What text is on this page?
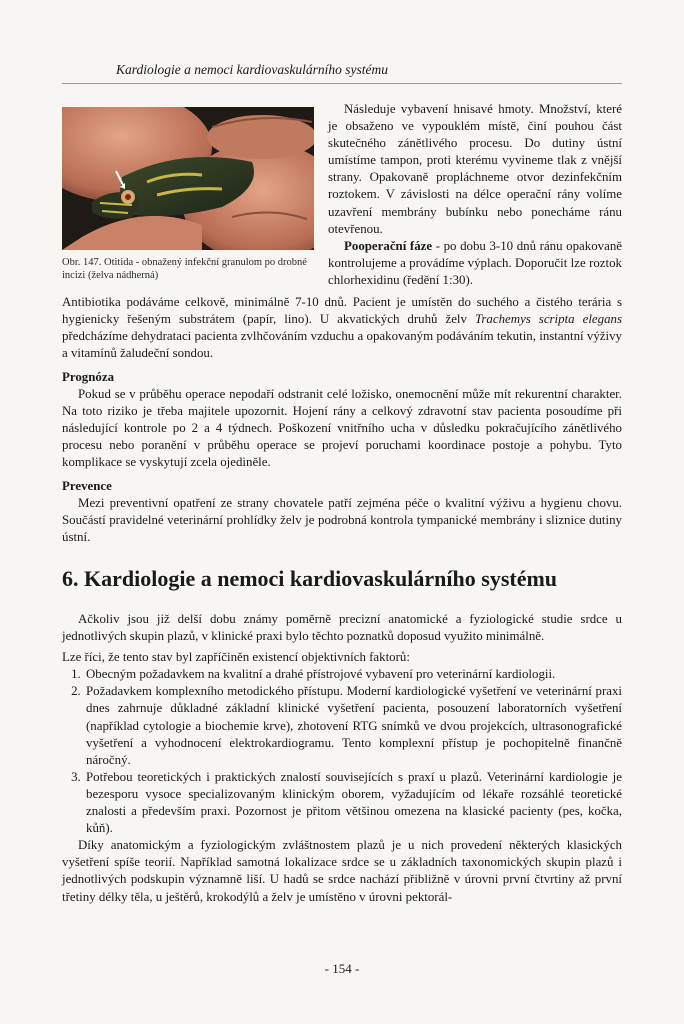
Kardiologie a nemoci kardiovaskulárního systému
Obr. 147. Otitida - obnažený infekční granulom po drobné incizi (želva nádherná)

Následuje vybavení hnisavé hmoty. Množství, které je obsaženo ve vypouklém místě, činí pouhou část skutečného zánětlivého procesu. Do dutiny ústní umístíme tampon, proti kterému vyvineme tlak z vnější strany. Opakovaně propláchneme otvor dezinfekčním roztokem. V závislosti na délce operační rány volíme uzavření membrány bubínku nebo ponecháme ránu otevřenou.

Pooperační fáze - po dobu 3-10 dnů ránu opakovaně kontrolujeme a provádíme výplach. Doporučit lze roztok chlorhexidinu (ředění 1:30).

Antibiotika podáváme celkově, minimálně 7-10 dnů. Pacient je umístěn do suchého a čistého terária s hygienicky řešeným substrátem (papír, lino). U akvatických druhů želv Trachemys scripta elegans předcházíme dehydrataci pacienta zvlhčováním vzduchu a opakovaným podáváním tekutin, instantní výživy a vitamínů žaludeční sondou.

Prognóza

Pokud se v průběhu operace nepodaří odstranit celé ložisko, onemocnění může mít rekurentní charakter. Na toto riziko je třeba majitele upozornit. Hojení rány a celkový zdravotní stav pacienta posoudíme při následující kontrole po 2 a 4 týdnech. Poškození vnitřního ucha v důsledku pokračujícího zánětlivého procesu nebo poranění v průběhu operace se projeví poruchami koordinace postoje a pohybu. Tyto komplikace se vyskytují zcela ojediněle.

Prevence

Mezi preventivní opatření ze strany chovatele patří zejména péče o kvalitní výživu a hygienu chovu. Součástí pravidelné veterinární prohlídky želv je podrobná kontrola tympanické membrány i sliznice dutiny ústní.

6. Kardiologie a nemoci kardiovaskulárního systému

Ačkoliv jsou již delší dobu známy poměrně precizní anatomické a fyziologické studie srdce u jednotlivých skupin plazů, v klinické praxi bylo těchto poznatků doposud využito minimálně.

Lze říci, že tento stav byl zapříčiněn existencí objektivních faktorů:

1. Obecným požadavkem na kvalitní a drahé přístrojové vybavení pro veterinární kardiologii.
2. Požadavkem komplexního metodického přístupu. Moderní kardiologické vyšetření ve veterinární praxi dnes zahrnuje důkladné základní klinické vyšetření pacienta, posouzení laboratorních vyšetření (například cytologie a biochemie krve), zhotovení RTG snímků ve dvou projekcích, ultrasonografické vyšetření a vyhodnocení elektrokardiogramu. Tento komplexní přístup je pochopitelně finančně náročný.
3. Potřebou teoretických i praktických znalostí souvisejících s praxí u plazů. Veterinární kardiologie je bezesporu vysoce specializovaným klinickým oborem, vyžadujícím od lékaře rozsáhlé teoretické znalosti a především praxi. Pozornost je přitom většinou omezena na klasické pacienty (pes, kočka, kůň).

Díky anatomickým a fyziologickým zvláštnostem plazů je u nich provedení některých klasických vyšetření spíše teorií. Například samotná lokalizace srdce se u základních taxonomických skupin plazů i jednotlivých podskupin významně liší. U hadů se srdce nachází přibližně v úrovni první čtvrtiny až první třetiny délky těla, u ještěrů, krokodýlů a želv je umístěno v úrovni pektorál-

- 154 -
